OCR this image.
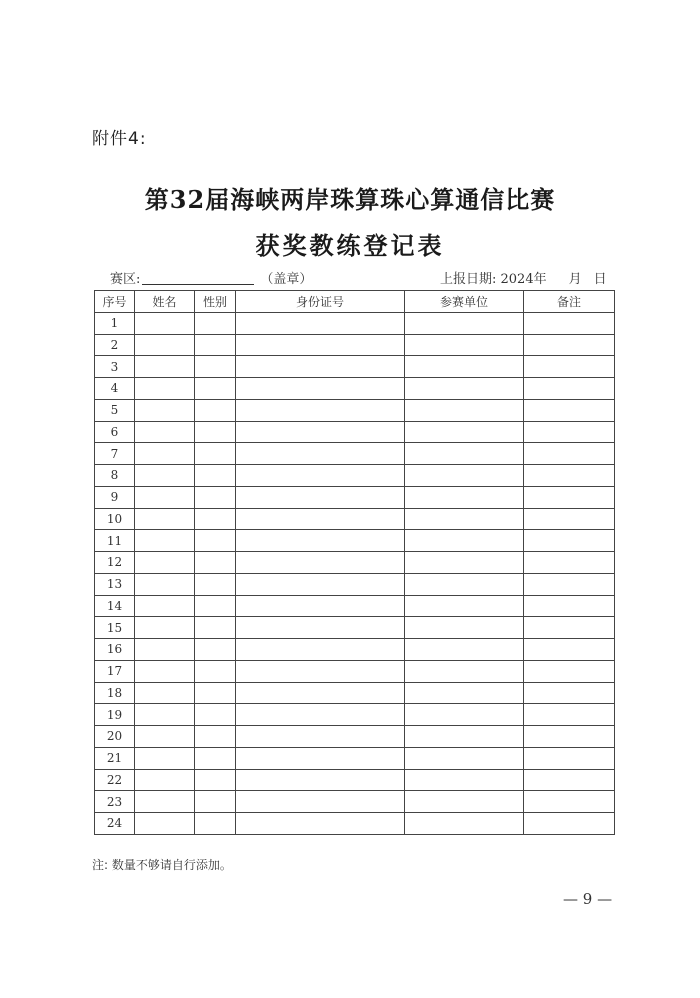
附件4:
第32届海峡两岸珠算珠心算通信比赛
获奖教练登记表
赛区:	（盖章）	上报日期: 2024年 月 日
序号	姓名	性别	身份证号	参赛单位	备注
1					
2					
3					
4					
5					
6					
7					
8					
9					
10					
11					
12					
13					
14					
15					
16					
17					
18					
19					
20					
21					
22					
23					
24					
注: 数量不够请自行添加。
— 9 —
